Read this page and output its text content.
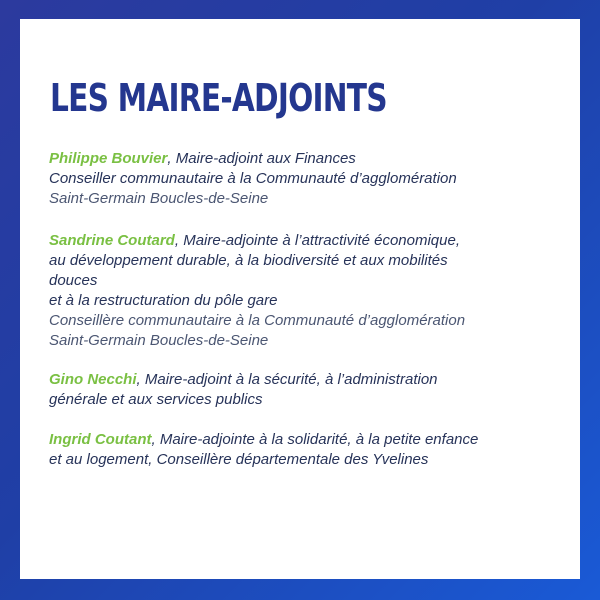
LES MAIRE-ADJOINTS
Philippe Bouvier, Maire-adjoint aux Finances
Conseiller communautaire à la Communauté d’agglomération
Saint-Germain Boucles-de-Seine
Sandrine Coutard, Maire-adjointe à l’attractivité économique,
au développement durable, à la biodiversité et aux mobilités
douces
et à la restructuration du pôle gare
Conseillère communautaire à la Communauté d’agglomération
Saint-Germain Boucles-de-Seine
Gino Necchi, Maire-adjoint à la sécurité, à l’administration
générale et aux services publics
Ingrid Coutant, Maire-adjointe à la solidarité, à la petite enfance
et au logement, Conseillère départementale des Yvelines
